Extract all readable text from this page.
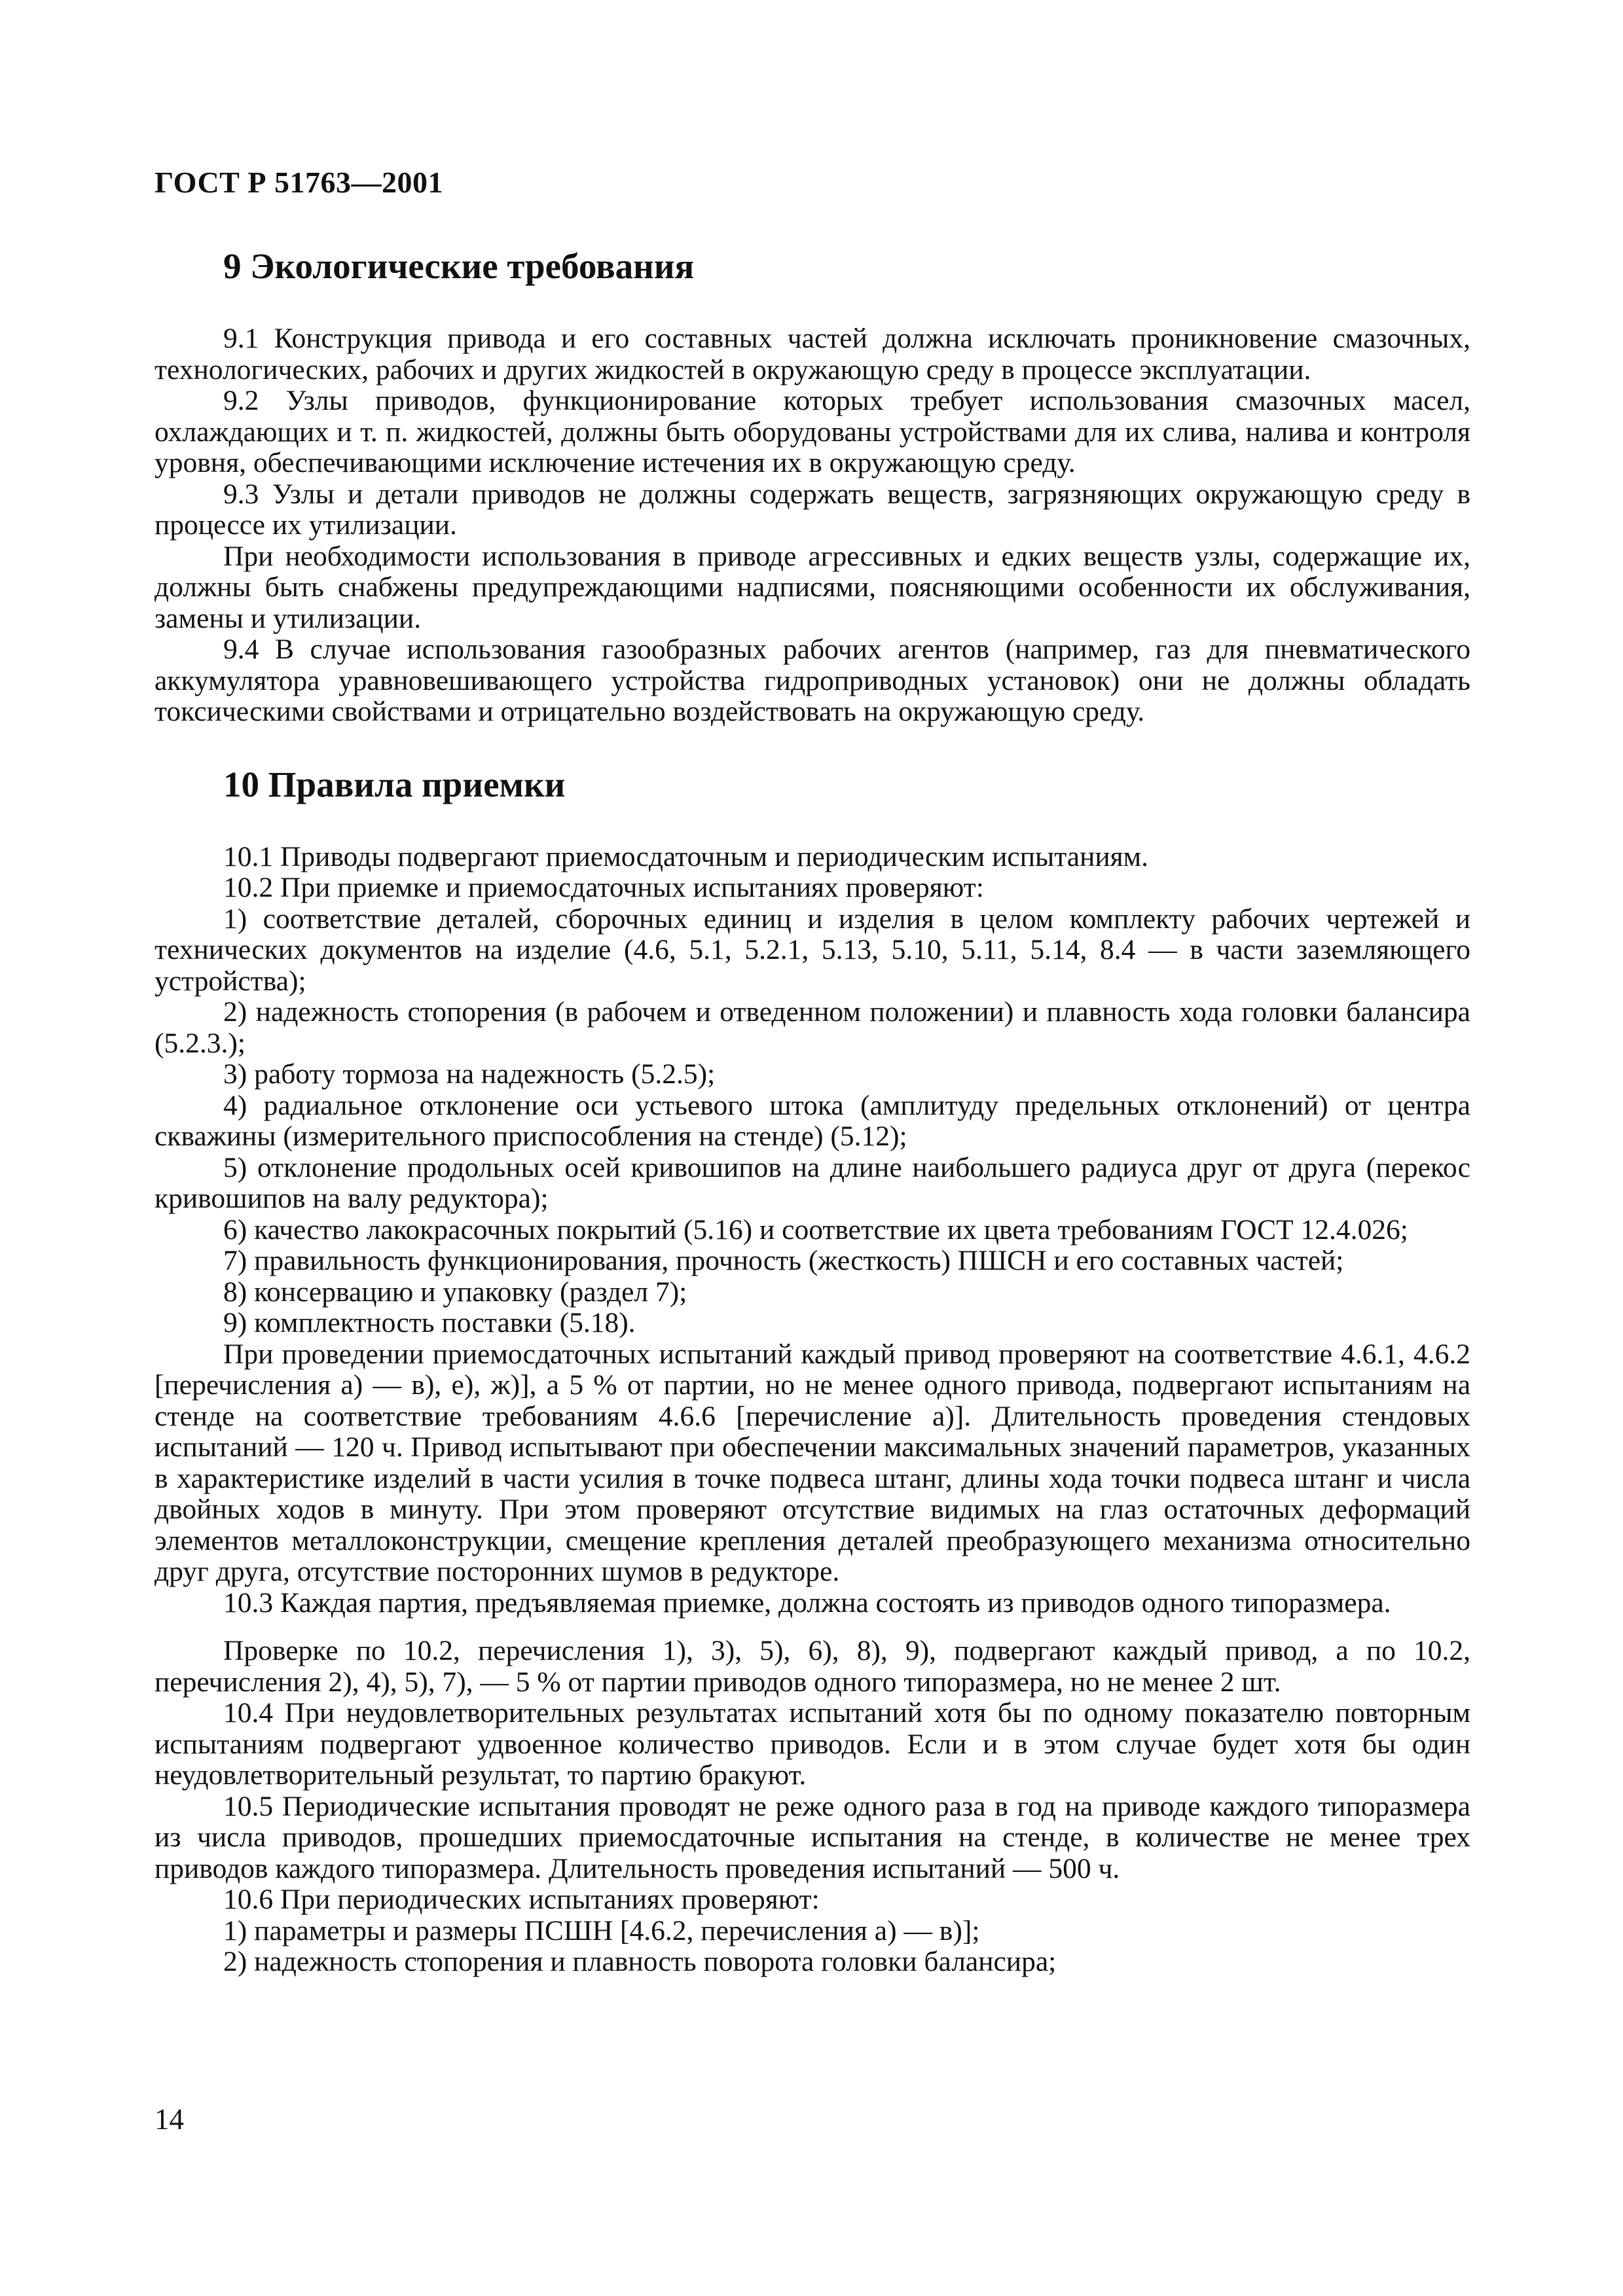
ГОСТ Р 51763—2001
9 Экологические требования

9.1 Конструкция привода и его составных частей должна исключать проникновение смазочных, технологических, рабочих и других жидкостей в окружающую среду в процессе эксплуатации.

9.2 Узлы приводов, функционирование которых требует использования смазочных масел, охлаждающих и т. п. жидкостей, должны быть оборудованы устройствами для их слива, налива и контроля уровня, обеспечивающими исключение истечения их в окружающую среду.

9.3 Узлы и детали приводов не должны содержать веществ, загрязняющих окружающую среду в процессе их утилизации.

При необходимости использования в приводе агрессивных и едких веществ узлы, содержащие их, должны быть снабжены предупреждающими надписями, поясняющими особенности их обслуживания, замены и утилизации.

9.4 В случае использования газообразных рабочих агентов (например, газ для пневматического аккумулятора уравновешивающего устройства гидроприводных установок) они не должны обладать токсическими свойствами и отрицательно воздействовать на окружающую среду.

10 Правила приемки

10.1 Приводы подвергают приемосдаточным и периодическим испытаниям.

10.2 При приемке и приемосдаточных испытаниях проверяют:

1) соответствие деталей, сборочных единиц и изделия в целом комплекту рабочих чертежей и технических документов на изделие (4.6, 5.1, 5.2.1, 5.13, 5.10, 5.11, 5.14, 8.4 — в части заземляющего устройства);

2) надежность стопорения (в рабочем и отведенном положении) и плавность хода головки балансира (5.2.3.);

3) работу тормоза на надежность (5.2.5);

4) радиальное отклонение оси устьевого штока (амплитуду предельных отклонений) от центра скважины (измерительного приспособления на стенде) (5.12);

5) отклонение продольных осей кривошипов на длине наибольшего радиуса друг от друга (перекос кривошипов на валу редуктора);

6) качество лакокрасочных покрытий (5.16) и соответствие их цвета требованиям ГОСТ 12.4.026;

7) правильность функционирования, прочность (жесткость) ПШСН и его составных частей;

8) консервацию и упаковку (раздел 7);

9) комплектность поставки (5.18).

При проведении приемосдаточных испытаний каждый привод проверяют на соответствие 4.6.1, 4.6.2 [перечисления а) — в), е), ж)], а 5 % от партии, но не менее одного привода, подвергают испытаниям на стенде на соответствие требованиям 4.6.6 [перечисление а)]. Длительность проведения стендовых испытаний — 120 ч. Привод испытывают при обеспечении максимальных значений параметров, указанных в характеристике изделий в части усилия в точке подвеса штанг, длины хода точки подвеса штанг и числа двойных ходов в минуту. При этом проверяют отсутствие видимых на глаз остаточных деформаций элементов металлоконструкции, смещение крепления деталей преобразующего механизма относительно друг друга, отсутствие посторонних шумов в редукторе.

10.3 Каждая партия, предъявляемая приемке, должна состоять из приводов одного типоразмера.

Проверке по 10.2, перечисления 1), 3), 5), 6), 8), 9), подвергают каждый привод, а по 10.2, перечисления 2), 4), 5), 7), — 5 % от партии приводов одного типоразмера, но не менее 2 шт.

10.4 При неудовлетворительных результатах испытаний хотя бы по одному показателю повторным испытаниям подвергают удвоенное количество приводов. Если и в этом случае будет хотя бы один неудовлетворительный результат, то партию бракуют.

10.5 Периодические испытания проводят не реже одного раза в год на приводе каждого типоразмера из числа приводов, прошедших приемосдаточные испытания на стенде, в количестве не менее трех приводов каждого типоразмера. Длительность проведения испытаний — 500 ч.

10.6 При периодических испытаниях проверяют:

1) параметры и размеры ПСШН [4.6.2, перечисления а) — в)];

2) надежность стопорения и плавность поворота головки балансира;

14
